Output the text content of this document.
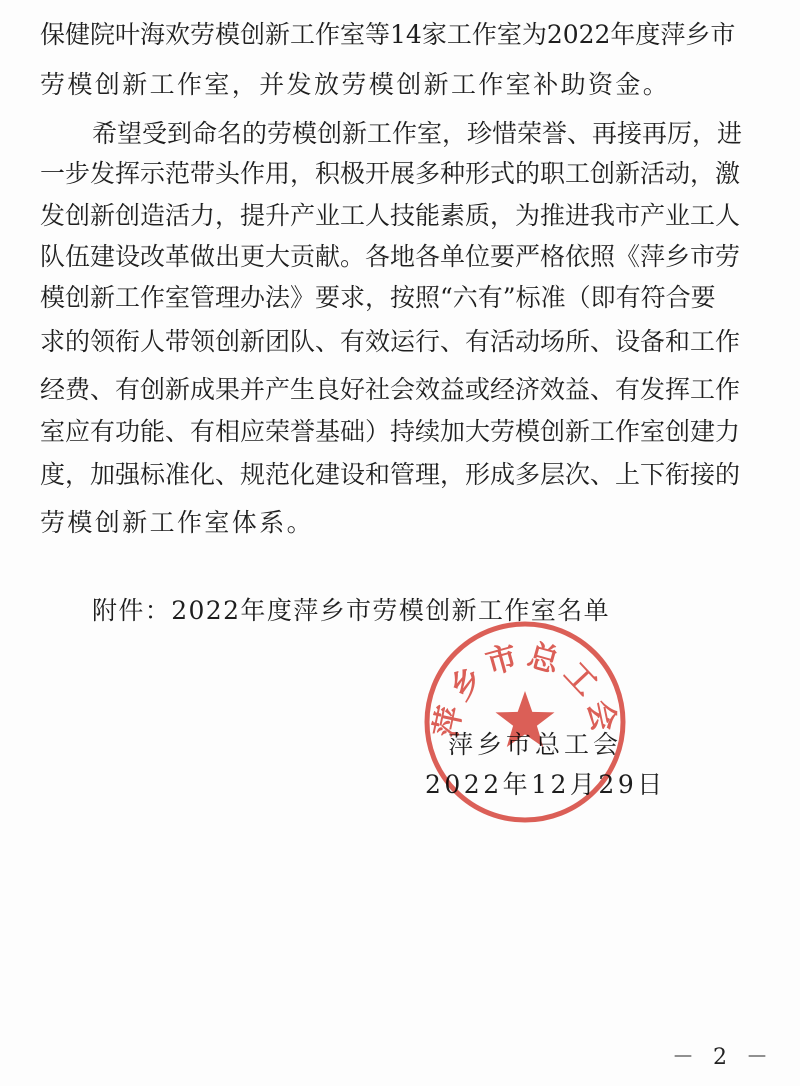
保健院叶海欢劳模创新工作室等14家工作室为2022年度萍乡市
劳模创新工作室，并发放劳模创新工作室补助资金。
希望受到命名的劳模创新工作室，珍惜荣誉、再接再厉，进
一步发挥示范带头作用，积极开展多种形式的职工创新活动，激
发创新创造活力，提升产业工人技能素质，为推进我市产业工人
队伍建设改革做出更大贡献。各地各单位要严格依照《萍乡市劳
模创新工作室管理办法》要求，按照“六有”标准（即有符合要
求的领衔人带领创新团队、有效运行、有活动场所、设备和工作
经费、有创新成果并产生良好社会效益或经济效益、有发挥工作
室应有功能、有相应荣誉基础）持续加大劳模创新工作室创建力
度，加强标准化、规范化建设和管理，形成多层次、上下衔接的
劳模创新工作室体系。
附件：2022年度萍乡市劳模创新工作室名单
萍乡市总工会
2022年12月29日
萍乡市总工会
－ 2 －
